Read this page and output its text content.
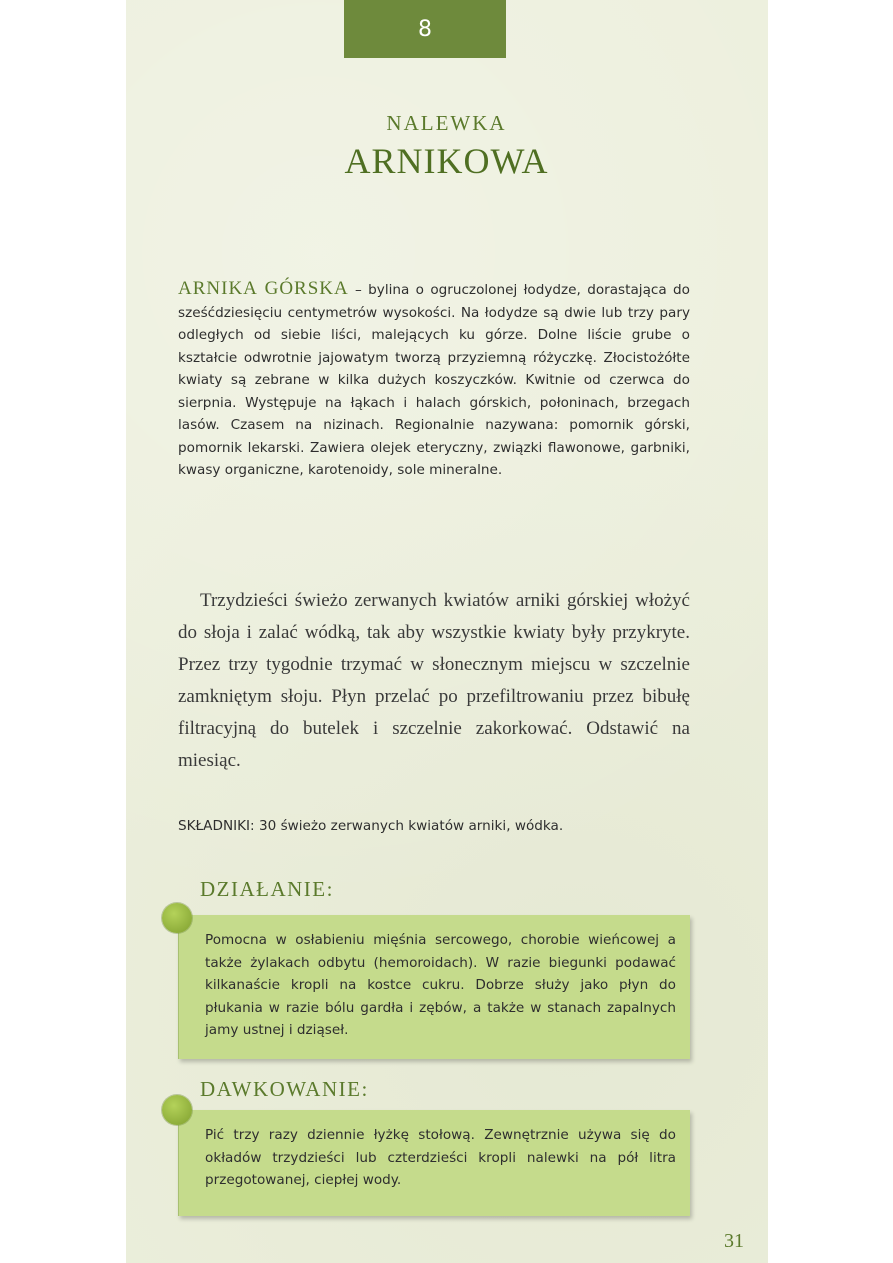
8
NALEWKA
ARNIKOWA
ARNIKA GÓRSKA – bylina o ogruczolonej łodydze, dorastająca do sześćdziesięciu centymetrów wysokości. Na łodydze są dwie lub trzy pary odległych od siebie liści, malejących ku górze. Dolne liście grube o kształcie odwrotnie jajowatym tworzą przyziemną różyczkę. Złocistożółte kwiaty są zebrane w kilka dużych koszyczków. Kwitnie od czerwca do sierpnia. Występuje na łąkach i halach górskich, połoninach, brzegach lasów. Czasem na nizinach. Regionalnie nazywana: pomornik górski, pomornik lekarski. Zawiera olejek eteryczny, związki flawonowe, garbniki, kwasy organiczne, karotenoidy, sole mineralne.
Trzydzieści świeżo zerwanych kwiatów arniki górskiej włożyć do słoja i zalać wódką, tak aby wszystkie kwiaty były przykryte. Przez trzy tygodnie trzymać w słonecznym miejscu w szczelnie zamkniętym słoju. Płyn przelać po przefiltrowaniu przez bibułę filtracyjną do butelek i szczelnie zakorkować. Odstawić na miesiąc.
SKŁADNIKI: 30 świeżo zerwanych kwiatów arniki, wódka.
DZIAŁANIE:

Pomocna w osłabieniu mięśnia sercowego, chorobie wieńcowej a także żylakach odbytu (hemoroidach). W razie biegunki podawać kilkanaście kropli na kostce cukru. Dobrze służy jako płyn do płukania w razie bólu gardła i zębów, a także w stanach zapalnych jamy ustnej i dziąseł.

DAWKOWANIE:

Pić trzy razy dziennie łyżkę stołową. Zewnętrznie używa się do okładów trzydzieści lub czterdzieści kropli nalewki na pół litra przegotowanej, ciepłej wody.

31
